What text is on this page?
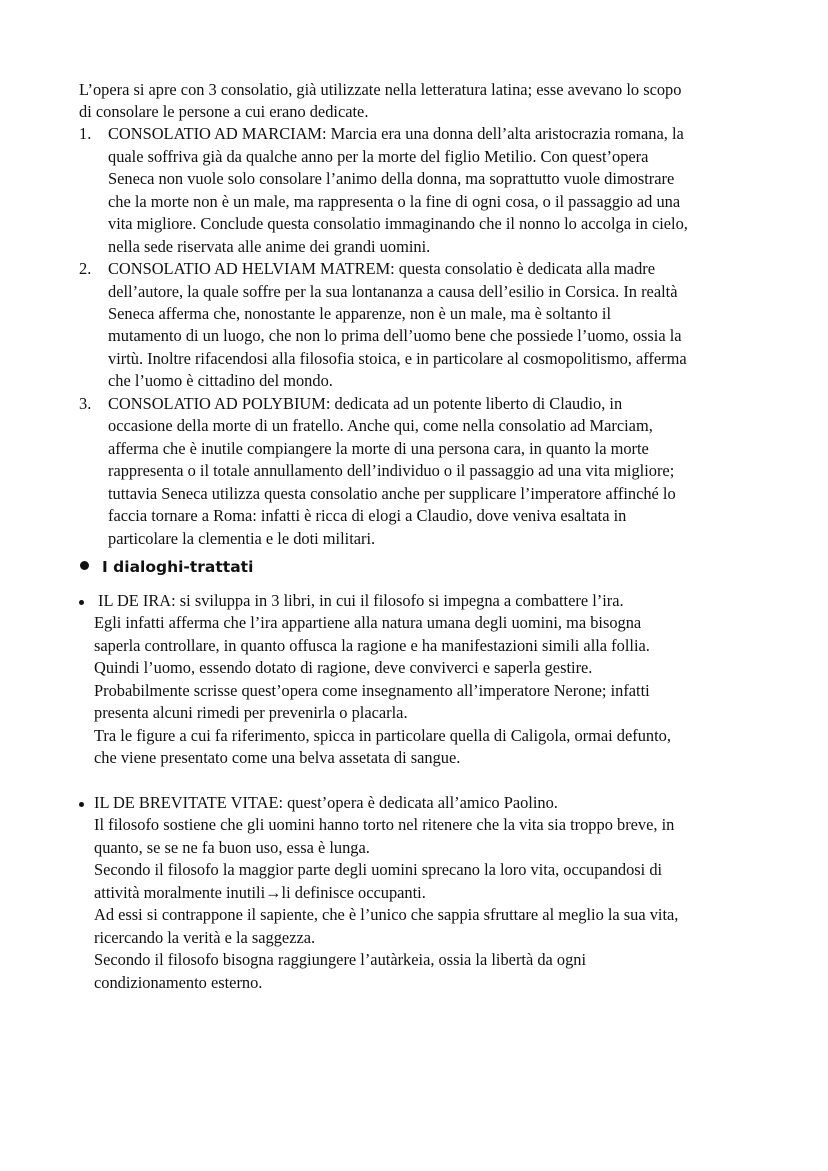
L’opera si apre con 3 consolatio, già utilizzate nella letteratura latina; esse avevano lo scopo
di consolare le persone a cui erano dedicate.
1. CONSOLATIO AD MARCIAM: Marcia era una donna dell’alta aristocrazia romana, la
quale soffriva già da qualche anno per la morte del figlio Metilio. Con quest’opera
Seneca non vuole solo consolare l’animo della donna, ma soprattutto vuole dimostrare
che la morte non è un male, ma rappresenta o la fine di ogni cosa, o il passaggio ad una
vita migliore. Conclude questa consolatio immaginando che il nonno lo accolga in cielo,
nella sede riservata alle anime dei grandi uomini.
2. CONSOLATIO AD HELVIAM MATREM: questa consolatio è dedicata alla madre
dell’autore, la quale soffre per la sua lontananza a causa dell’esilio in Corsica. In realtà
Seneca afferma che, nonostante le apparenze, non è un male, ma è soltanto il
mutamento di un luogo, che non lo prima dell’uomo bene che possiede l’uomo, ossia la
virtù. Inoltre rifacendosi alla filosofia stoica, e in particolare al cosmopolitismo, afferma
che l’uomo è cittadino del mondo.
3. CONSOLATIO AD POLYBIUM: dedicata ad un potente liberto di Claudio, in
occasione della morte di un fratello. Anche qui, come nella consolatio ad Marciam,
afferma che è inutile compiangere la morte di una persona cara, in quanto la morte
rappresenta o il totale annullamento dell’individuo o il passaggio ad una vita migliore;
tuttavia Seneca utilizza questa consolatio anche per supplicare l’imperatore affinché lo
faccia tornare a Roma: infatti è ricca di elogi a Claudio, dove veniva esaltata in
particolare la clementia e le doti militari.
I dialoghi-trattati
IL DE IRA: si sviluppa in 3 libri, in cui il filosofo si impegna a combattere l’ira.
Egli infatti afferma che l’ira appartiene alla natura umana degli uomini, ma bisogna
saperla controllare, in quanto offusca la ragione e ha manifestazioni simili alla follia.
Quindi l’uomo, essendo dotato di ragione, deve conviverci e saperla gestire.
Probabilmente scrisse quest’opera come insegnamento all’imperatore Nerone; infatti
presenta alcuni rimedi per prevenirla o placarla.
Tra le figure a cui fa riferimento, spicca in particolare quella di Caligola, ormai defunto,
che viene presentato come una belva assetata di sangue.
IL DE BREVITATE VITAE: quest’opera è dedicata all’amico Paolino.
Il filosofo sostiene che gli uomini hanno torto nel ritenere che la vita sia troppo breve, in
quanto, se se ne fa buon uso, essa è lunga.
Secondo il filosofo la maggior parte degli uomini sprecano la loro vita, occupandosi di
attività moralmente inutili→li definisce occupanti.
Ad essi si contrappone il sapiente, che è l’unico che sappia sfruttare al meglio la sua vita,
ricercando la verità e la saggezza.
Secondo il filosofo bisogna raggiungere l’autàrkeia, ossia la libertà da ogni
condizionamento esterno.
